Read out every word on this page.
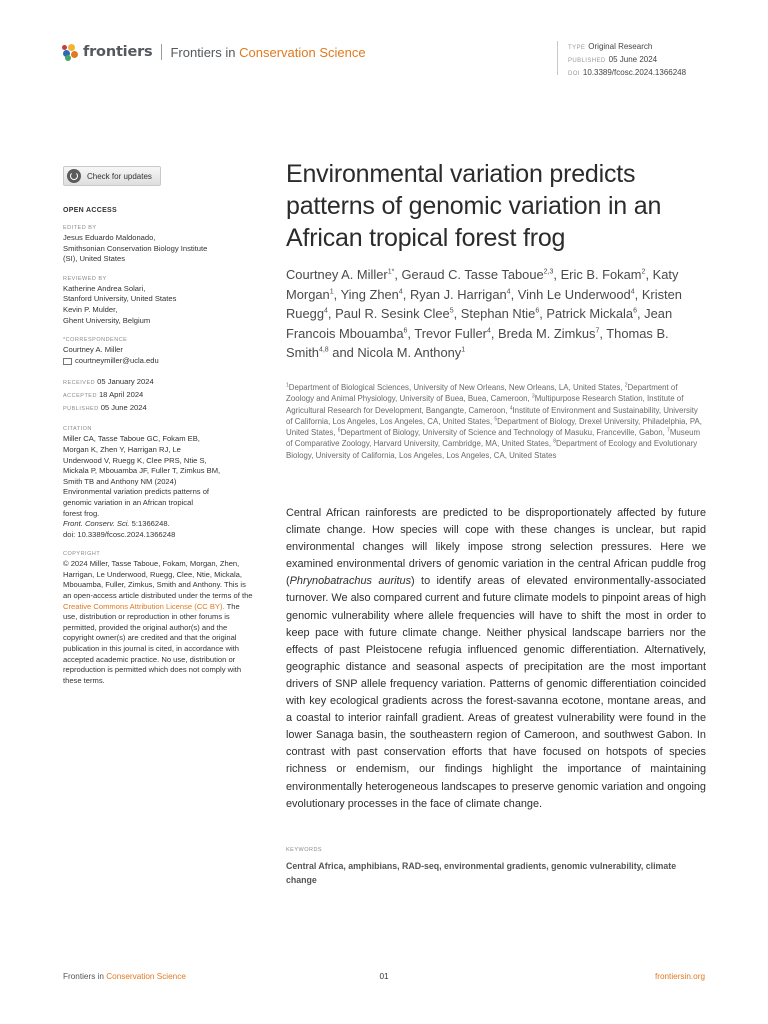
frontiers Frontiers in Conservation Science	TYPE Original Research
PUBLISHED 05 June 2024
DOI 10.3389/fcosc.2024.1366248
Check for updates
OPEN ACCESS
EDITED BY
Jesus Eduardo Maldonado,
Smithsonian Conservation Biology Institute
(SI), United States
REVIEWED BY
Katherine Andrea Solari,
Stanford University, United States
Kevin P. Mulder,
Ghent University, Belgium
*CORRESPONDENCE
Courtney A. Miller
courtneymiller@ucla.edu
RECEIVED 05 January 2024
ACCEPTED 18 April 2024
PUBLISHED 05 June 2024
CITATION
Miller CA, Tasse Taboue GC, Fokam EB,
Morgan K, Zhen Y, Harrigan RJ, Le
Underwood V, Ruegg K, Clee PRS, Ntie S,
Mickala P, Mbouamba JF, Fuller T, Zimkus BM,
Smith TB and Anthony NM (2024)
Environmental variation predicts patterns of
genomic variation in an African tropical
forest frog.
Front. Conserv. Sci. 5:1366248.
doi: 10.3389/fcosc.2024.1366248
COPYRIGHT
© 2024 Miller, Tasse Taboue, Fokam, Morgan, Zhen, Harrigan, Le Underwood, Ruegg, Clee, Ntie, Mickala, Mbouamba, Fuller, Zimkus, Smith and Anthony. This is an open-access article distributed under the terms of the Creative Commons Attribution License (CC BY). The use, distribution or reproduction in other forums is permitted, provided the original author(s) and the copyright owner(s) are credited and that the original publication in this journal is cited, in accordance with accepted academic practice. No use, distribution or reproduction is permitted which does not comply with these terms.
Environmental variation predicts patterns of genomic variation in an African tropical forest frog
Courtney A. Miller$^{1*}$, Geraud C. Tasse Taboue$^{2,3}$, Eric B. Fokam$^2$, Katy Morgan$^1$, Ying Zhen$^4$, Ryan J. Harrigan$^4$, Vinh Le Underwood$^4$, Kristen Ruegg$^4$, Paul R. Sesink Clee$^5$, Stephan Ntie$^6$, Patrick Mickala$^6$, Jean Francois Mbouamba$^6$, Trevor Fuller$^4$, Breda M. Zimkus$^7$, Thomas B. Smith$^{4,8}$ and Nicola M. Anthony$^1$
$^1$Department of Biological Sciences, University of New Orleans, New Orleans, LA, United States, $^2$Department of Zoology and Animal Physiology, University of Buea, Buea, Cameroon, $^3$Multipurpose Research Station, Institute of Agricultural Research for Development, Bangangte, Cameroon, $^4$Institute of Environment and Sustainability, University of California, Los Angeles, Los Angeles, CA, United States, $^5$Department of Biology, Drexel University, Philadelphia, PA, United States, $^6$Department of Biology, University of Science and Technology of Masuku, Franceville, Gabon, $^7$Museum of Comparative Zoology, Harvard University, Cambridge, MA, United States, $^8$Department of Ecology and Evolutionary Biology, University of California, Los Angeles, Los Angeles, CA, United States
Central African rainforests are predicted to be disproportionately affected by future climate change. How species will cope with these changes is unclear, but rapid environmental changes will likely impose strong selection pressures. Here we examined environmental drivers of genomic variation in the central African puddle frog (Phrynobatrachus auritus) to identify areas of elevated environmentally-associated turnover. We also compared current and future climate models to pinpoint areas of high genomic vulnerability where allele frequencies will have to shift the most in order to keep pace with future climate change. Neither physical landscape barriers nor the effects of past Pleistocene refugia influenced genomic differentiation. Alternatively, geographic distance and seasonal aspects of precipitation are the most important drivers of SNP allele frequency variation. Patterns of genomic differentiation coincided with key ecological gradients across the forest-savanna ecotone, montane areas, and a coastal to interior rainfall gradient. Areas of greatest vulnerability were found in the lower Sanaga basin, the southeastern region of Cameroon, and southwest Gabon. In contrast with past conservation efforts that have focused on hotspots of species richness or endemism, our findings highlight the importance of maintaining environmentally heterogeneous landscapes to preserve genomic variation and ongoing evolutionary processes in the face of climate change.
KEYWORDS
Central Africa, amphibians, RAD-seq, environmental gradients, genomic vulnerability, climate change
Frontiers in Conservation Science	01	frontiersin.org
